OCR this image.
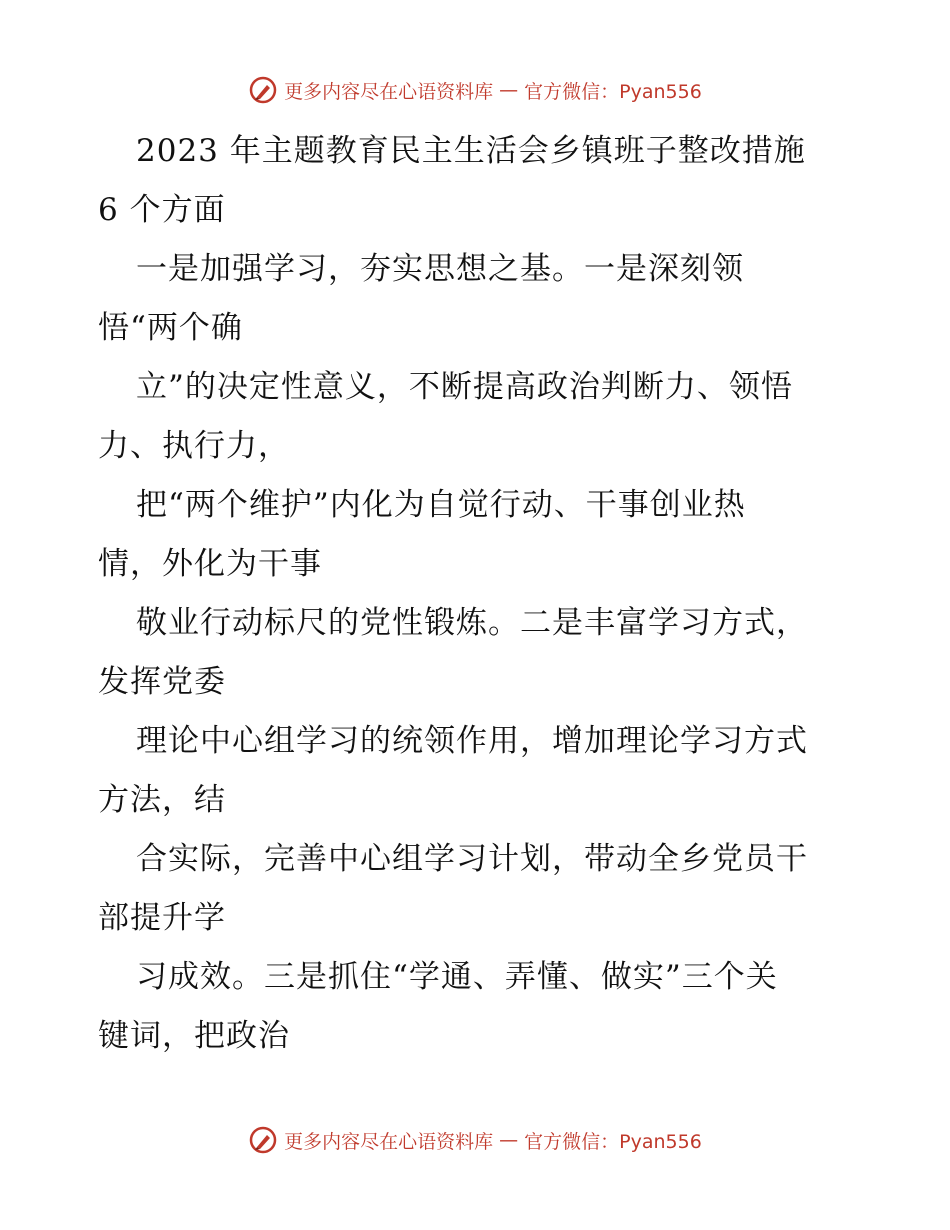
更多内容尽在心语资料库 — 官方微信：Pyan556
2023 年主题教育民主生活会乡镇班子整改措施
6 个方面
一是加强学习，夯实思想之基。一是深刻领
悟“两个确
立”的决定性意义，不断提高政治判断力、领悟
力、执行力，
把“两个维护”内化为自觉行动、干事创业热
情，外化为干事
敬业行动标尺的党性锻炼。二是丰富学习方式，
发挥党委
理论中心组学习的统领作用，增加理论学习方式
方法，结
合实际，完善中心组学习计划，带动全乡党员干
部提升学
习成效。三是抓住“学通、弄懂、做实”三个关
键词，把政治
更多内容尽在心语资料库 — 官方微信：Pyan556
